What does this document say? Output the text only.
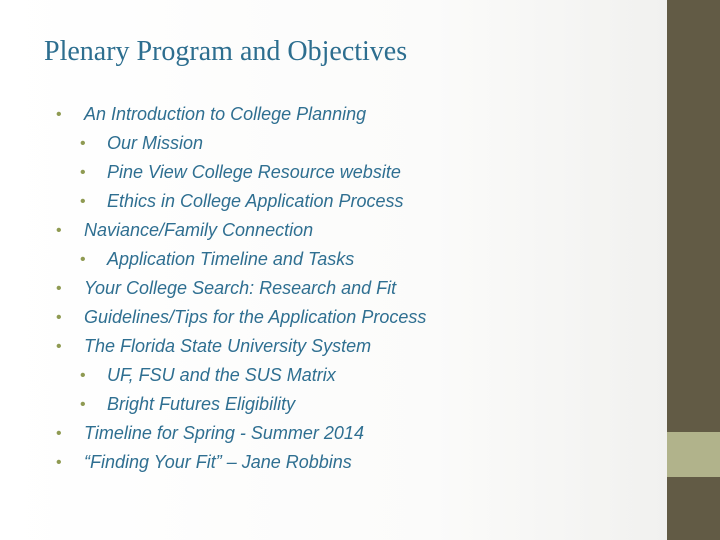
Plenary Program and Objectives
• An Introduction to College Planning
• Our Mission
• Pine View College Resource website
• Ethics in College Application Process
• Naviance/Family Connection
• Application Timeline and Tasks
• Your College Search: Research and Fit
• Guidelines/Tips for the Application Process
• The Florida State University System
• UF, FSU and the SUS Matrix
• Bright Futures Eligibility
• Timeline for Spring - Summer 2014
• “Finding Your Fit” – Jane Robbins
